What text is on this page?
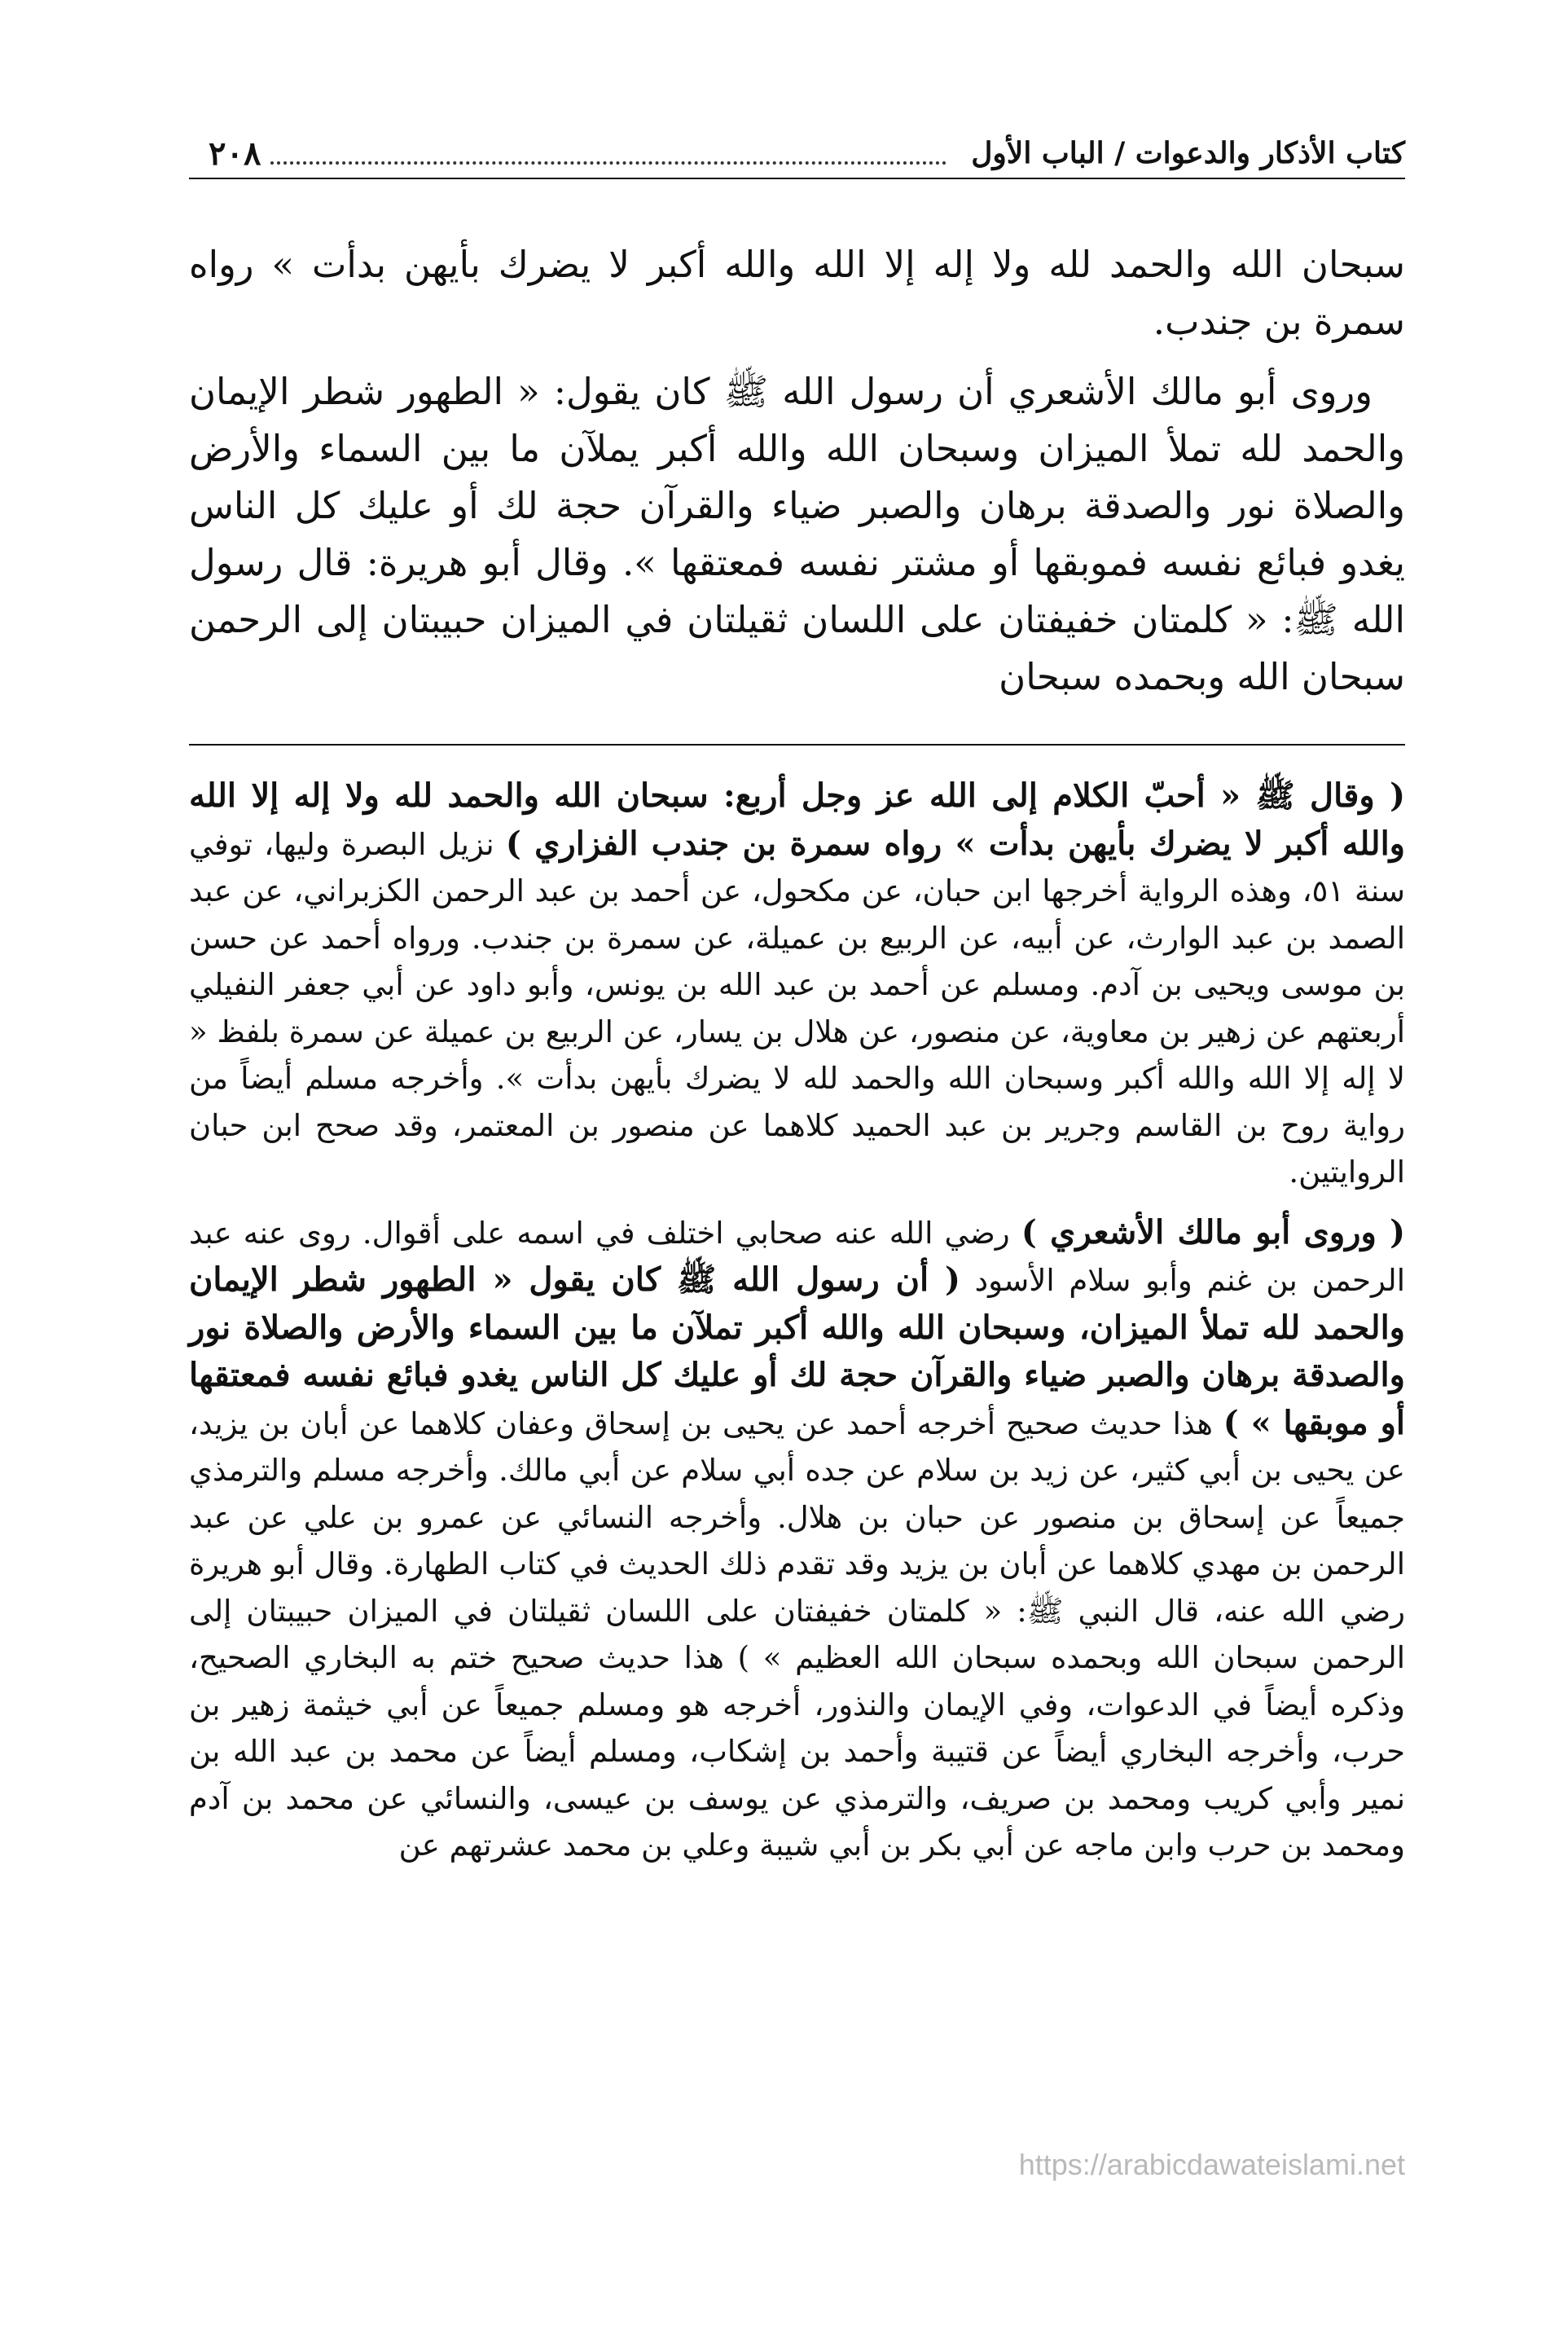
٢٠٨	كتاب الأذكار والدعوات / الباب الأول

سبحان الله والحمد لله ولا إله إلا الله والله أكبر لا يضرك بأيهن بدأت » رواه سمرة بن جندب.

وروى أبو مالك الأشعري أن رسول الله ﷺ كان يقول: « الطهور شطر الإيمان والحمد لله تملأ الميزان وسبحان الله والله أكبر يملآن ما بين السماء والأرض والصلاة نور والصدقة برهان والصبر ضياء والقرآن حجة لك أو عليك كل الناس يغدو فبائع نفسه فموبقها أو مشتر نفسه فمعتقها ». وقال أبو هريرة: قال رسول الله ﷺ: « كلمتان خفيفتان على اللسان ثقيلتان في الميزان حبيبتان إلى الرحمن سبحان الله وبحمده سبحان

( وقال ﷺ « أحبّ الكلام إلى الله عز وجل أربع: سبحان الله والحمد لله ولا إله إلا الله والله أكبر لا يضرك بأيهن بدأت » رواه سمرة بن جندب الفزاري ) نزيل البصرة وليها، توفي سنة ٥١، وهذه الرواية أخرجها ابن حبان، عن مكحول، عن أحمد بن عبد الرحمن الكزبراني، عن عبد الصمد بن عبد الوارث، عن أبيه، عن الربيع بن عميلة، عن سمرة بن جندب. ورواه أحمد عن حسن بن موسى ويحيى بن آدم. ومسلم عن أحمد بن عبد الله بن يونس، وأبو داود عن أبي جعفر النفيلي أربعتهم عن زهير بن معاوية، عن منصور، عن هلال بن يسار، عن الربيع بن عميلة عن سمرة بلفظ « لا إله إلا الله والله أكبر وسبحان الله والحمد لله لا يضرك بأيهن بدأت ». وأخرجه مسلم أيضاً من رواية روح بن القاسم وجرير بن عبد الحميد كلاهما عن منصور بن المعتمر، وقد صحح ابن حبان الروايتين.

( وروى أبو مالك الأشعري ) رضي الله عنه صحابي اختلف في اسمه على أقوال. روى عنه عبد الرحمن بن غنم وأبو سلام الأسود ( أن رسول الله ﷺ كان يقول « الطهور شطر الإيمان والحمد لله تملأ الميزان، وسبحان الله والله أكبر تملآن ما بين السماء والأرض والصلاة نور والصدقة برهان والصبر ضياء والقرآن حجة لك أو عليك كل الناس يغدو فبائع نفسه فمعتقها أو موبقها » ) هذا حديث صحيح أخرجه أحمد عن يحيى بن إسحاق وعفان كلاهما عن أبان بن يزيد، عن يحيى بن أبي كثير، عن زيد بن سلام عن جده أبي سلام عن أبي مالك. وأخرجه مسلم والترمذي جميعاً عن إسحاق بن منصور عن حبان بن هلال. وأخرجه النسائي عن عمرو بن علي عن عبد الرحمن بن مهدي كلاهما عن أبان بن يزيد وقد تقدم ذلك الحديث في كتاب الطهارة. وقال أبو هريرة رضي الله عنه، قال النبي ﷺ: « كلمتان خفيفتان على اللسان ثقيلتان في الميزان حبيبتان إلى الرحمن سبحان الله وبحمده سبحان الله العظيم » ) هذا حديث صحيح ختم به البخاري الصحيح، وذكره أيضاً في الدعوات، وفي الإيمان والنذور، أخرجه هو ومسلم جميعاً عن أبي خيثمة زهير بن حرب، وأخرجه البخاري أيضاً عن قتيبة وأحمد بن إشكاب، ومسلم أيضاً عن محمد بن عبد الله بن نمير وأبي كريب ومحمد بن صريف، والترمذي عن يوسف بن عيسى، والنسائي عن محمد بن آدم ومحمد بن حرب وابن ماجه عن أبي بكر بن أبي شيبة وعلي بن محمد عشرتهم عن

https://arabicdawateislami.net
